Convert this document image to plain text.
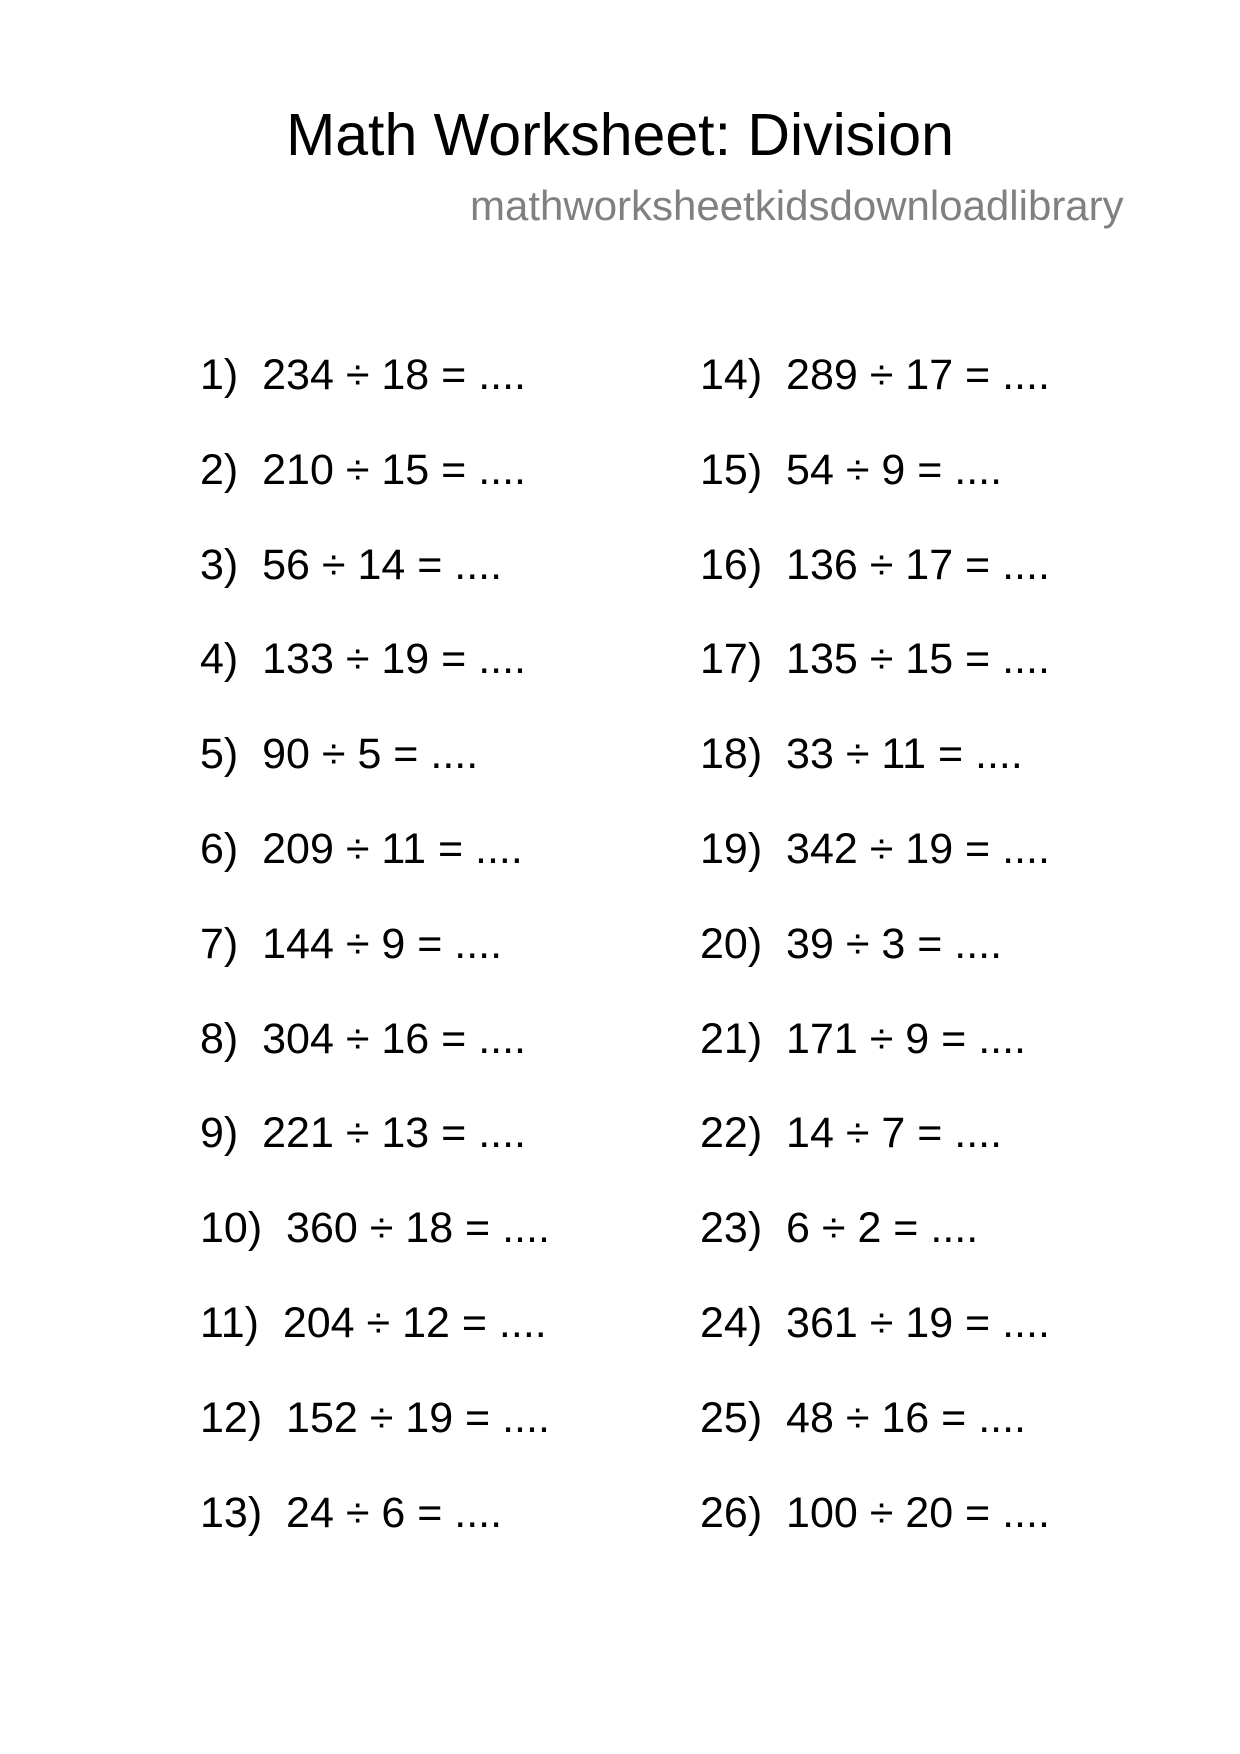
Math Worksheet: Division
mathworksheetkidsdownloadlibrary
1)  234 ÷ 18 = ....
2)  210 ÷ 15 = ....
3)  56 ÷ 14 = ....
4)  133 ÷ 19 = ....
5)  90 ÷ 5 = ....
6)  209 ÷ 11 = ....
7)  144 ÷ 9 = ....
8)  304 ÷ 16 = ....
9)  221 ÷ 13 = ....
10)  360 ÷ 18 = ....
11)  204 ÷ 12 = ....
12)  152 ÷ 19 = ....
13)  24 ÷ 6 = ....
14)  289 ÷ 17 = ....
15)  54 ÷ 9 = ....
16)  136 ÷ 17 = ....
17)  135 ÷ 15 = ....
18)  33 ÷ 11 = ....
19)  342 ÷ 19 = ....
20)  39 ÷ 3 = ....
21)  171 ÷ 9 = ....
22)  14 ÷ 7 = ....
23)  6 ÷ 2 = ....
24)  361 ÷ 19 = ....
25)  48 ÷ 16 = ....
26)  100 ÷ 20 = ....
